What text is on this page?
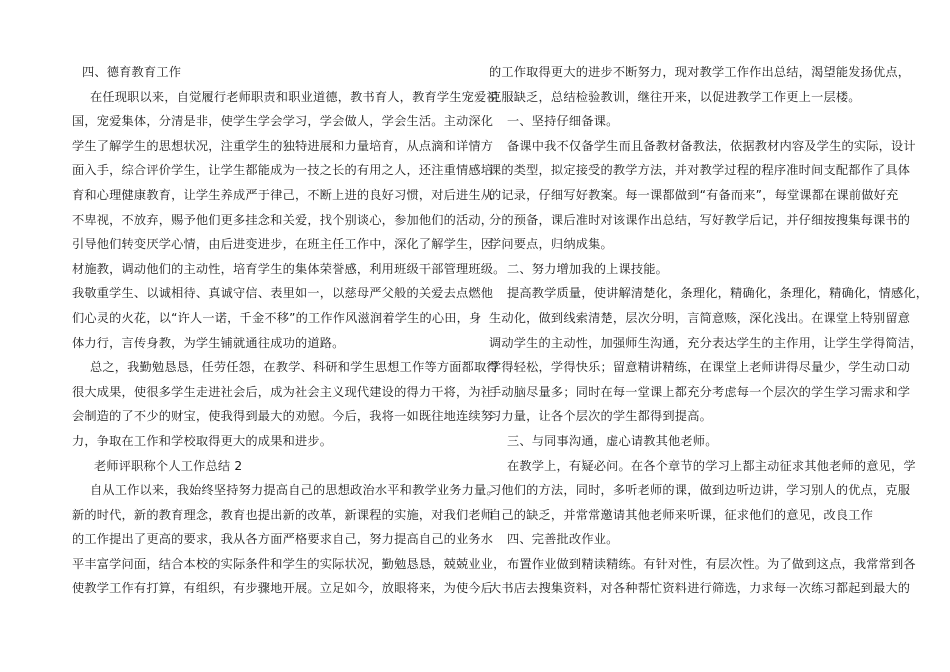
四、德育教育工作
在任现职以来，自觉履行老师职责和职业道德，教书育人，教育学生宠爱祖
国，宠爱集体，分清是非，使学生学会学习，学会做人，学会生活。主动深化
学生了解学生的思想状况，注重学生的独特进展和力量培育，从点滴和详情方
面入手，综合评价学生，让学生都能成为一技之长的有用之人，还注重情感培
育和心理健康教育，让学生养成严于律己，不断上进的良好习惯，对后进生从
不卑视，不放弃，赐予他们更多挂念和关爱，找个别谈心，参加他们的活动，
引导他们转变厌学心情，由后进变进步，在班主任工作中，深化了解学生，因
材施教，调动他们的主动性，培育学生的集体荣誉感，利用班级干部管理班级。
我敬重学生、以诚相待、真诚守信、表里如一，以慈母严父般的关爱去点燃他
们心灵的火花，以“许人一诺，千金不移”的工作作风滋润着学生的心田，身
体力行，言传身教，为学生铺就通往成功的道路。
总之，我勤勉恳恳，任劳任怨，在教学、科研和学生思想工作等方面都取得
很大成果，使很多学生走进社会后，成为社会主义现代建设的得力干将，为社
会制造的了不少的财宝，使我得到最大的劝慰。今后，我将一如既往地连续努
力，争取在工作和学校取得更大的成果和进步。
老师评职称个人工作总结 2
自从工作以来，我始终坚持努力提高自己的思想政治水平和教学业务力量。
新的时代，新的教育理念，教育也提出新的改革，新课程的实施，对我们老师
的工作提出了更高的要求，我从各方面严格要求自己，努力提高自己的业务水
平丰富学问面，结合本校的实际条件和学生的实际状况，勤勉恳恳，兢兢业业，
使教学工作有打算，有组织，有步骤地开展。立足如今，放眼将来，为使今后
的工作取得更大的进步不断努力，现对教学工作作出总结，渴望能发扬优点，
克服缺乏，总结检验教训，继往开来，以促进教学工作更上一层楼。
一、坚持仔细备课。
备课中我不仅备学生而且备教材备教法，依据教材内容及学生的实际，设计
课的类型，拟定接受的教学方法，并对教学过程的程序准时间支配都作了具体
的记录，仔细写好教案。每一课都做到“有备而来”，每堂课都在课前做好充
分的预备，课后准时对该课作出总结，写好教学后记，并仔细按搜集每课书的
学问要点，归纳成集。
二、努力增加我的上课技能。
提高教学质量，使讲解清楚化，条理化，精确化，条理化，精确化，情感化，
生动化，做到线索清楚，层次分明，言简意赅，深化浅出。在课堂上特别留意
调动学生的主动性，加强师生沟通，充分表达学生的主作用，让学生学得简洁，
学得轻松，学得快乐；留意精讲精练，在课堂上老师讲得尽量少，学生动口动
手动脑尽量多；同时在每一堂课上都充分考虑每一个层次的学生学习需求和学
习力量，让各个层次的学生都得到提高。
三、与同事沟通，虚心请教其他老师。
在教学上，有疑必问。在各个章节的学习上都主动征求其他老师的意见，学
习他们的方法，同时，多听老师的课，做到边听边讲，学习别人的优点，克服
自己的缺乏，并常常邀请其他老师来听课，征求他们的意见，改良工作
四、完善批改作业。
布置作业做到精读精练。有针对性，有层次性。为了做到这点，我常常到各
大书店去搜集资料，对各种帮忙资料进行筛选，力求每一次练习都起到最大的
